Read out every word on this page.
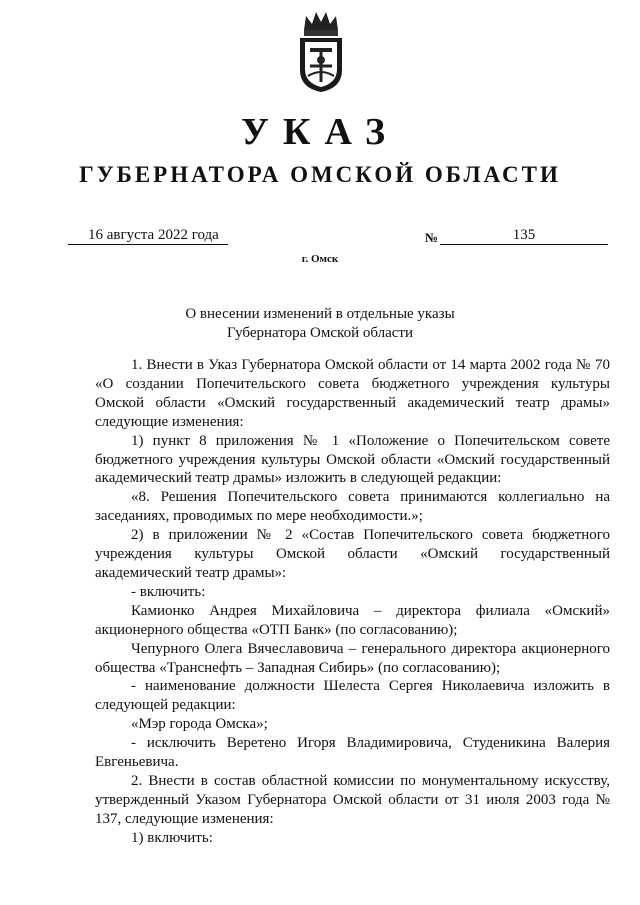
УКАЗ
ГУБЕРНАТОРА ОМСКОЙ ОБЛАСТИ
16 августа 2022 года	№	135
г. Омск
О внесении изменений в отдельные указы
Губернатора Омской области

1. Внести в Указ Губернатора Омской области от 14 марта 2002 года № 70 «О создании Попечительского совета бюджетного учреждения культуры Омской области «Омский государственный академический театр драмы» следующие изменения:

1) пункт 8 приложения № 1 «Положение о Попечительском совете бюджетного учреждения культуры Омской области «Омский государственный академический театр драмы» изложить в следующей редакции:

«8. Решения Попечительского совета принимаются коллегиально на заседаниях, проводимых по мере необходимости.»;

2) в приложении № 2 «Состав Попечительского совета бюджетного учреждения культуры Омской области «Омский государственный академический театр драмы»:

- включить:

Камионко Андрея Михайловича – директора филиала «Омский» акционерного общества «ОТП Банк» (по согласованию);

Чепурного Олега Вячеславовича – генерального директора акционерного общества «Транснефть – Западная Сибирь» (по согласованию);

- наименование должности Шелеста Сергея Николаевича изложить в следующей редакции:

«Мэр города Омска»;

- исключить Веретено Игоря Владимировича, Студеникина Валерия Евгеньевича.

2. Внести в состав областной комиссии по монументальному искусству, утвержденный Указом Губернатора Омской области от 31 июля 2003 года № 137, следующие изменения:

1) включить:
